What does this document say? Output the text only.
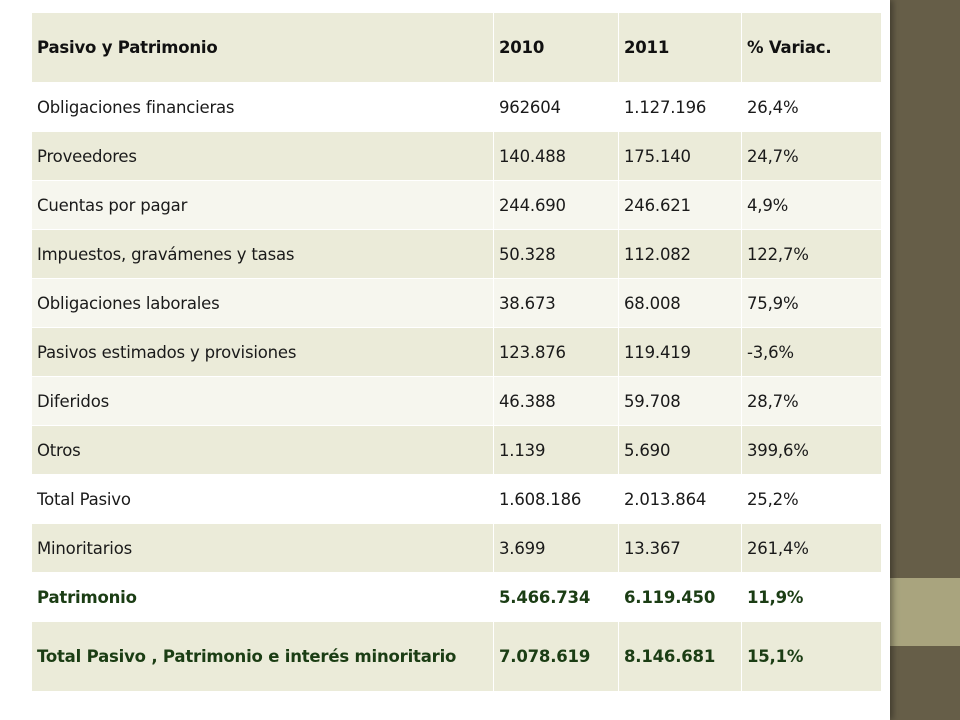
Pasivo y Patrimonio	2010	2011	% Variac.
Obligaciones financieras	962604	1.127.196	26,4%
Proveedores	140.488	175.140	24,7%
Cuentas por pagar	244.690	246.621	4,9%
Impuestos, gravámenes y tasas	50.328	112.082	122,7%
Obligaciones laborales	38.673	68.008	75,9%
Pasivos estimados y provisiones	123.876	119.419	-3,6%
Diferidos	46.388	59.708	28,7%
Otros	1.139	5.690	399,6%
Total Pasivo	1.608.186	2.013.864	25,2%
Minoritarios	3.699	13.367	261,4%
Patrimonio	5.466.734	6.119.450	11,9%
Total Pasivo , Patrimonio e interés minoritario	7.078.619	8.146.681	15,1%
